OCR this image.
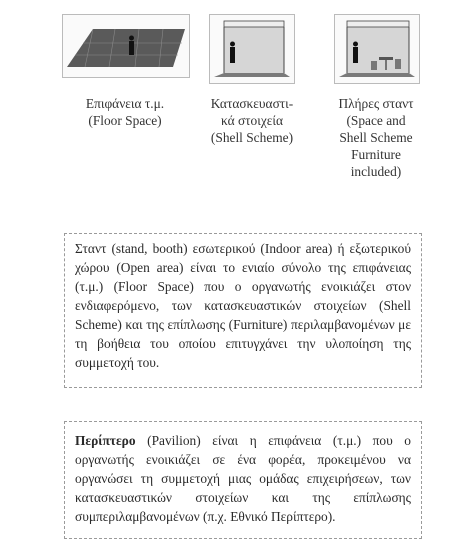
Επιφάνεια τ.μ.
(Floor Space)
Κατασκευαστι-
κά στοιχεία
(Shell Scheme)
Πλήρες σταντ
(Space and
Shell Scheme
Furniture
included)

Σταντ (stand, booth) εσωτερικού (Indoor area) ή εξωτερικού χώρου (Open area) είναι το ενιαίο σύνολο της επιφάνειας (τ.μ.) (Floor Space) που ο οργανωτής ενοικιάζει στον ενδιαφερόμενο, των κατασκευαστικών στοιχείων (Shell Scheme) και της επίπλωσης (Furniture) περιλαμβανομένων με τη βοήθεια του οποίου επιτυγχάνει την υλοποίηση της συμμετοχή του.

Περίπτερο (Pavilion) είναι η επιφάνεια (τ.μ.) που ο οργανωτής ενοικιάζει σε ένα φορέα, προκειμένου να οργανώσει τη συμμετοχή μιας ομάδας επιχειρήσεων, των κατασκευαστικών στοιχείων και της επίπλωσης συμπεριλαμβανομένων (π.χ. Εθνικό Περίπτερο).
